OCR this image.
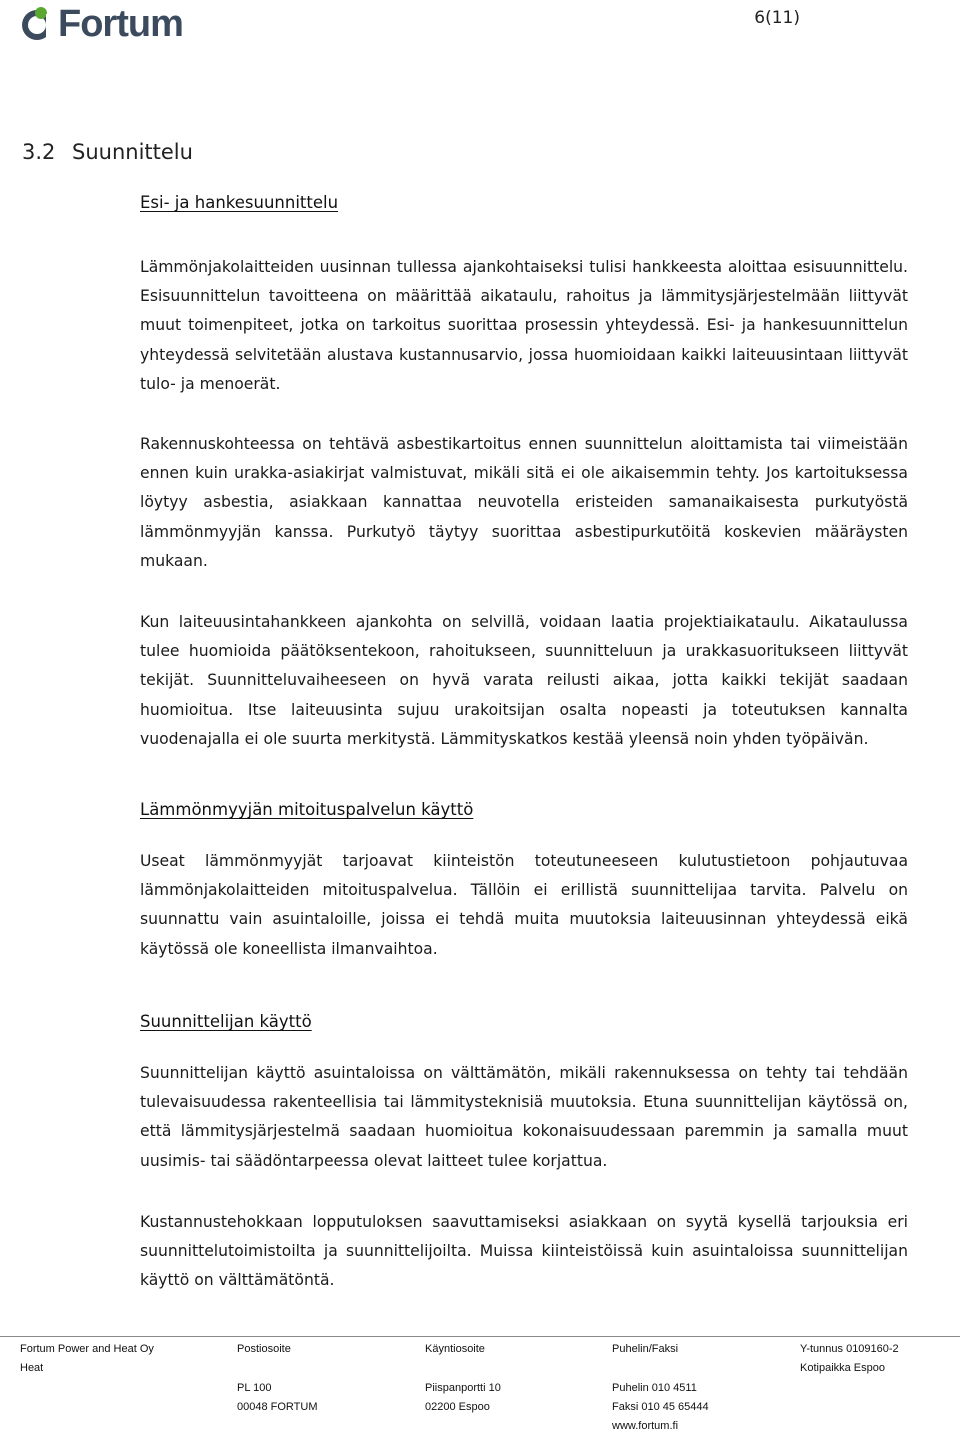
Fortum	6(11)
3.2 Suunnittelu
Esi- ja hankesuunnittelu

Lämmönjakolaitteiden uusinnan tullessa ajankohtaiseksi tulisi hankkeesta aloittaa esisuunnittelu. Esisuunnittelun tavoitteena on määrittää aikataulu, rahoitus ja lämmitysjärjestelmään liittyvät muut toimenpiteet, jotka on tarkoitus suorittaa prosessin yhteydessä. Esi- ja hankesuunnittelun yhteydessä selvitetään alustava kustannusarvio, jossa huomioidaan kaikki laiteuusintaan liittyvät tulo- ja menoerät.

Rakennuskohteessa on tehtävä asbestikartoitus ennen suunnittelun aloittamista tai viimeistään ennen kuin urakka-asiakirjat valmistuvat, mikäli sitä ei ole aikaisemmin tehty. Jos kartoituksessa löytyy asbestia, asiakkaan kannattaa neuvotella eristeiden samanaikaisesta purkutyöstä lämmönmyyjän kanssa. Purkutyö täytyy suorittaa asbestipurkutöitä koskevien määräysten mukaan.

Kun laiteuusintahankkeen ajankohta on selvillä, voidaan laatia projektiaikataulu. Aikataulussa tulee huomioida päätöksentekoon, rahoitukseen, suunnitteluun ja urakkasuoritukseen liittyvät tekijät. Suunnitteluvaiheeseen on hyvä varata reilusti aikaa, jotta kaikki tekijät saadaan huomioitua. Itse laiteuusinta sujuu urakoitsijan osalta nopeasti ja toteutuksen kannalta vuodenajalla ei ole suurta merkitystä. Lämmityskatkos kestää yleensä noin yhden työpäivän.

Lämmönmyyjän mitoituspalvelun käyttö

Useat lämmönmyyjät tarjoavat kiinteistön toteutuneeseen kulutustietoon pohjautuvaa lämmönjakolaitteiden mitoituspalvelua. Tällöin ei erillistä suunnittelijaa tarvita. Palvelu on suunnattu vain asuintaloille, joissa ei tehdä muita muutoksia laiteuusinnan yhteydessä eikä käytössä ole koneellista ilmanvaihtoa.

Suunnittelijan käyttö

Suunnittelijan käyttö asuintaloissa on välttämätön, mikäli rakennuksessa on tehty tai tehdään tulevaisuudessa rakenteellisia tai lämmitysteknisiä muutoksia. Etuna suunnittelijan käytössä on, että lämmitysjärjestelmä saadaan huomioitua kokonaisuudessaan paremmin ja samalla muut uusimis- tai säädöntarpeessa olevat laitteet tulee korjattua.

Kustannustehokkaan lopputuloksen saavuttamiseksi asiakkaan on syytä kysellä tarjouksia eri suunnittelutoimistoilta ja suunnittelijoilta. Muissa kiinteistöissä kuin asuintaloissa suunnittelijan käyttö on välttämätöntä.

Fortum Power and Heat Oy
Heat
Postiosoite
PL 100
00048 FORTUM
Käyntiosoite
Piispanportti 10
02200 Espoo
Puhelin/Faksi
Puhelin 010 4511
Faksi 010 45 65444
www.fortum.fi
Y-tunnus 0109160-2
Kotipaikka Espoo
